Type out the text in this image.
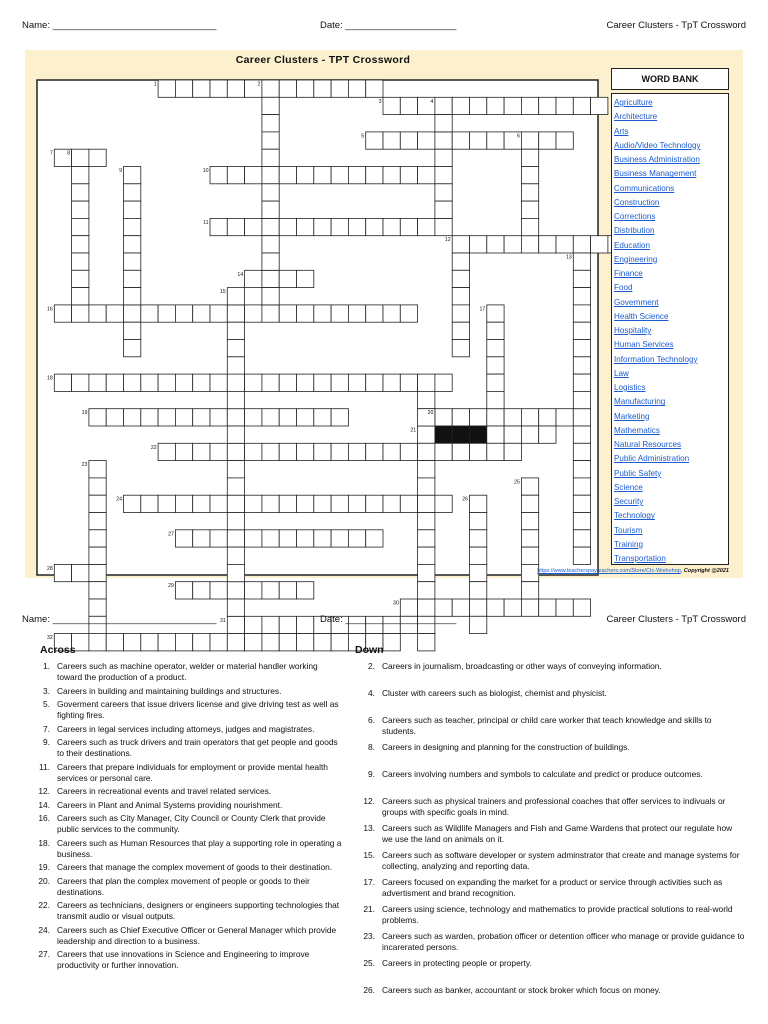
Name: _______________________________	Date: _____________________	Career Clusters - TpT Crossword
Career Clusters - TPT Crossword
1	2
3	4
5	6
7	8
9	10
11
12
13
14
15
16	17
18
19	20
21
22
23
24
25
26
27
28
29
30
31
32
WORD BANK
Agriculture
Architecture
Arts
Audio/Video Technology
Business Administration
Business Management
Communications
Construction
Corrections
Distribution
Education
Engineering
Finance
Food
Government
Health Science
Hospitality
Human Services
Information Technology
Law
Logistics
Manufacturing
Marketing
Mathematics
Natural Resources
Public Administration
Public Safety
Science
Security
Technology
Tourism
Training
Transportation
https://www.teacherspayteachers.com/Store/Ctc-Workshop, Copyright @2021
Name: _______________________________	Date: _____________________	Career Clusters - TpT Crossword
Across	Down
1. Careers such as machine operator, welder or material handler working toward the production of a product.
3. Careers in building and maintaining buildings and structures.
5. Goverment careers that issue drivers license and give driving test as well as fighting fires.
7. Careers in legal services including attorneys, judges and magistrates.
9. Careers such as truck drivers and train operators that get people and goods to their destinations.
11. Careers that prepare individuals for employment or provide mental health services or personal care.
12. Careers in recreational events and travel related services.
14. Careers in Plant and Animal Systems providing nourishment.
16. Careers such as City Manager, City Council or County Clerk that provide public services to the community.
18. Careers such as Human Resources that play a supporting role in operating a business.
19. Careers that manage the complex movement of goods to their destination.
20. Careers that plan the complex movement of people or goods to their destinations.
22. Careers as technicians, designers or engineers supporting technologies that transmit audio or visual outputs.
24. Careers such as Chief Executive Officer or General Manager which provide leadership and direction to a business.
27. Careers that use innovations in Science and Engineering to improve productivity or further innovation.
2. Careers in journalism, broadcasting or other ways of conveying information.
4. Cluster with careers such as biologist, chemist and physicist.
6. Careers such as teacher, principal or child care worker that teach knowledge and skills to students.
8. Careers in designing and planning for the construction of buildings.
9. Careers involving numbers and symbols to calculate and predict or produce outcomes.
12. Careers such as physical trainers and professional coaches that offer services to indivuals or groups with specific goals in mind.
13. Careers such as Wildlife Managers and Fish and Game Wardens that protect our regulate how we use the land on animals on it.
15. Careers such as software developer or system adminstrator that create and manage systems for collecting, analyzing and reporting data.
17. Careers focused on expanding the market for a product or service through activities such as advertisment and brand recognition.
21. Careers using science, technology and mathematics to provide practical solutions to real-world problems.
23. Careers such as warden, probation officer or detention officer who manage or provide guidance to incarerated persons.
25. Careers in protecting people or property.
26. Careers such as banker, accountant or stock broker which focus on money.
